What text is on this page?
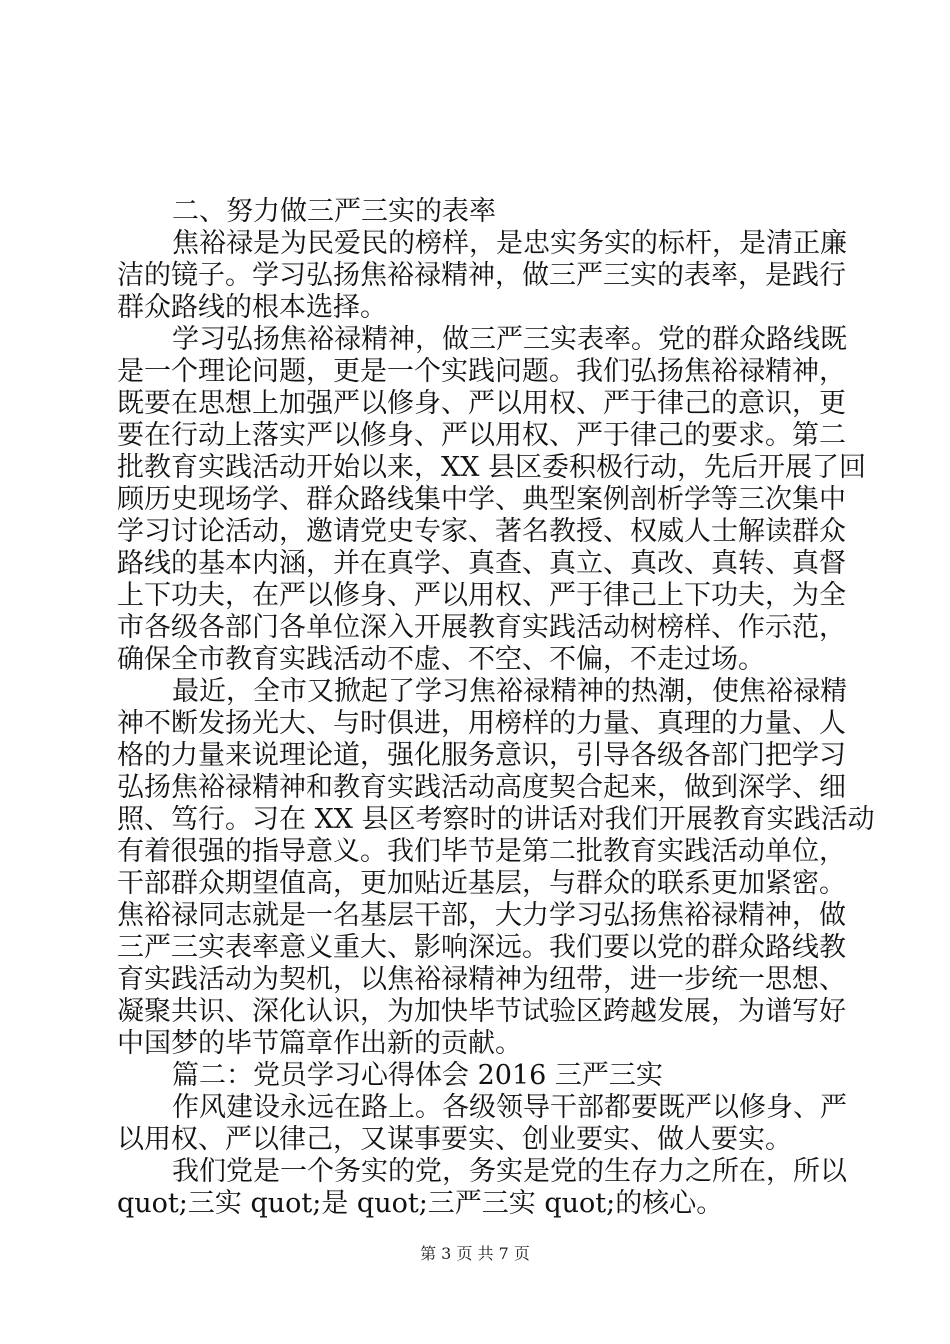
二、努力做三严三实的表率
焦裕禄是为民爱民的榜样，是忠实务实的标杆，是清正廉
洁的镜子。学习弘扬焦裕禄精神，做三严三实的表率，是践行
群众路线的根本选择。
学习弘扬焦裕禄精神，做三严三实表率。党的群众路线既
是一个理论问题，更是一个实践问题。我们弘扬焦裕禄精神，
既要在思想上加强严以修身、严以用权、严于律己的意识，更
要在行动上落实严以修身、严以用权、严于律己的要求。第二
批教育实践活动开始以来，XX 县区委积极行动，先后开展了回
顾历史现场学、群众路线集中学、典型案例剖析学等三次集中
学习讨论活动，邀请党史专家、著名教授、权威人士解读群众
路线的基本内涵，并在真学、真查、真立、真改、真转、真督
上下功夫，在严以修身、严以用权、严于律己上下功夫，为全
市各级各部门各单位深入开展教育实践活动树榜样、作示范，
确保全市教育实践活动不虚、不空、不偏，不走过场。
最近，全市又掀起了学习焦裕禄精神的热潮，使焦裕禄精
神不断发扬光大、与时俱进，用榜样的力量、真理的力量、人
格的力量来说理论道，强化服务意识，引导各级各部门把学习
弘扬焦裕禄精神和教育实践活动高度契合起来，做到深学、细
照、笃行。习在 XX 县区考察时的讲话对我们开展教育实践活动
有着很强的指导意义。我们毕节是第二批教育实践活动单位，
干部群众期望值高，更加贴近基层，与群众的联系更加紧密。
焦裕禄同志就是一名基层干部，大力学习弘扬焦裕禄精神，做
三严三实表率意义重大、影响深远。我们要以党的群众路线教
育实践活动为契机，以焦裕禄精神为纽带，进一步统一思想、
凝聚共识、深化认识，为加快毕节试验区跨越发展，为谱写好
中国梦的毕节篇章作出新的贡献。
篇二：党员学习心得体会 2016 三严三实
作风建设永远在路上。各级领导干部都要既严以修身、严
以用权、严以律己，又谋事要实、创业要实、做人要实。
我们党是一个务实的党，务实是党的生存力之所在，所以
quot;三实 quot;是 quot;三严三实 quot;的核心。
第 3 页 共 7 页
